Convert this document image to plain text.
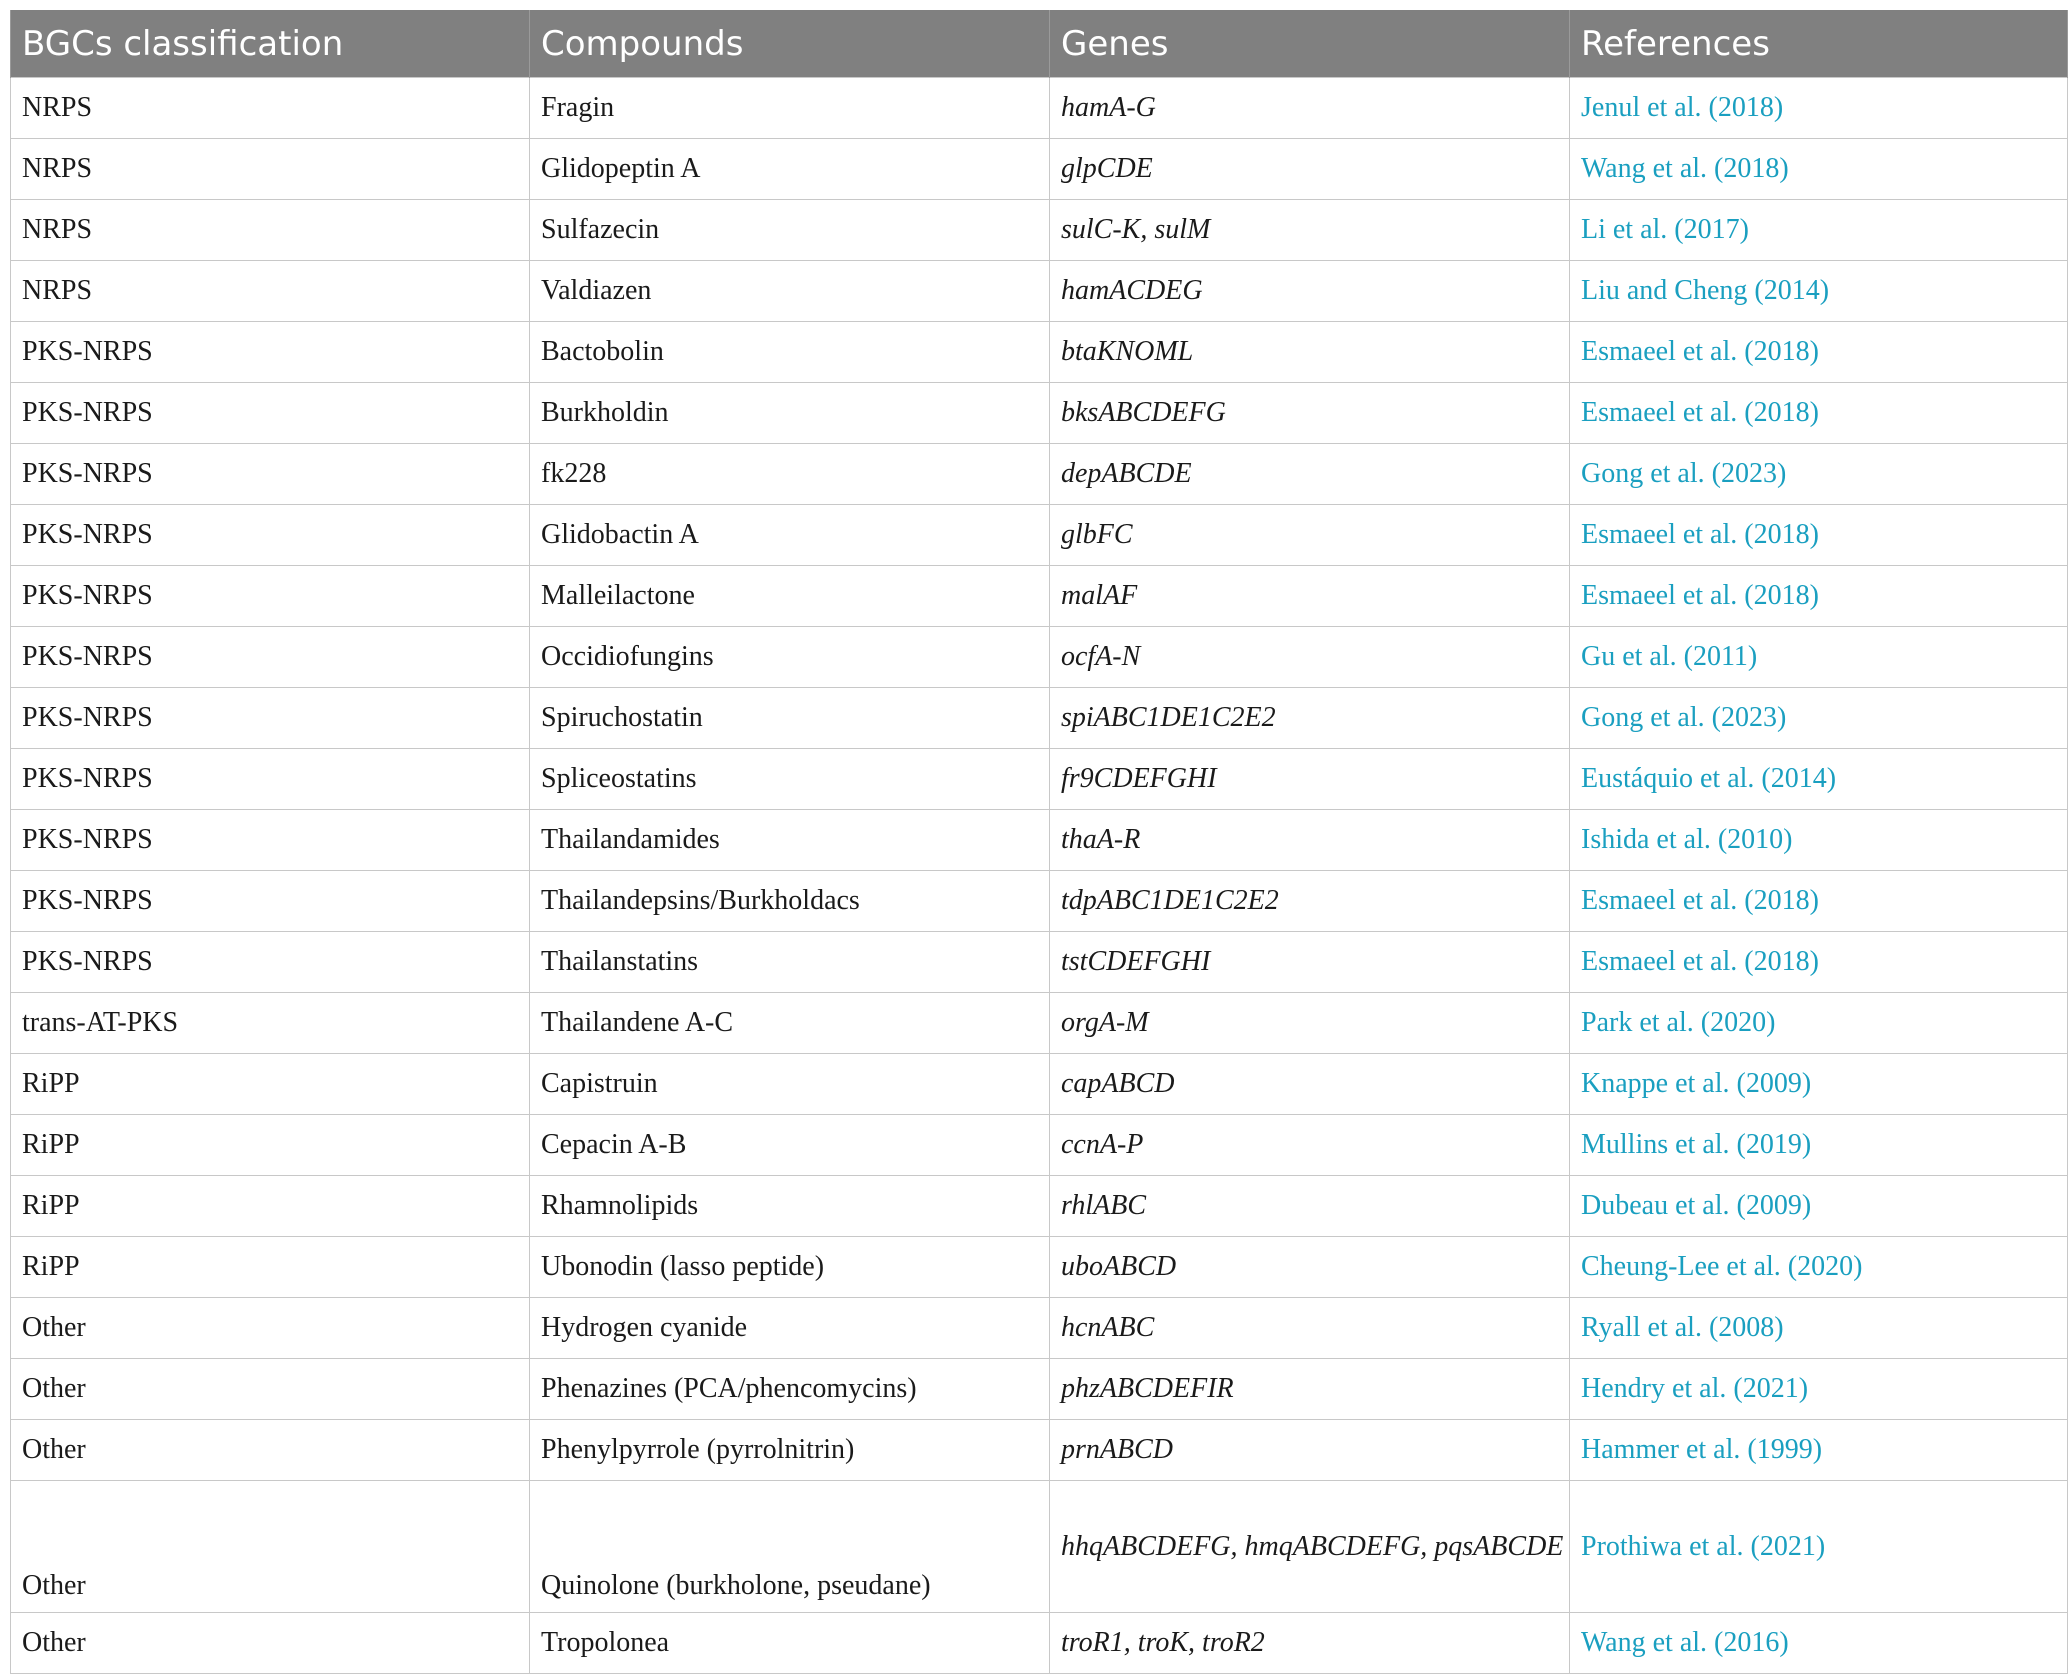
BGCs classification	Compounds	Genes	References
NRPS	Fragin	hamA-G	Jenul et al. (2018)
NRPS	Glidopeptin A	glpCDE	Wang et al. (2018)
NRPS	Sulfazecin	sulC-K, sulM	Li et al. (2017)
NRPS	Valdiazen	hamACDEG	Liu and Cheng (2014)
PKS-NRPS	Bactobolin	btaKNOML	Esmaeel et al. (2018)
PKS-NRPS	Burkholdin	bksABCDEFG	Esmaeel et al. (2018)
PKS-NRPS	fk228	depABCDE	Gong et al. (2023)
PKS-NRPS	Glidobactin A	glbFC	Esmaeel et al. (2018)
PKS-NRPS	Malleilactone	malAF	Esmaeel et al. (2018)
PKS-NRPS	Occidiofungins	ocfA-N	Gu et al. (2011)
PKS-NRPS	Spiruchostatin	spiABC1DE1C2E2	Gong et al. (2023)
PKS-NRPS	Spliceostatins	fr9CDEFGHI	Eustáquio et al. (2014)
PKS-NRPS	Thailandamides	thaA-R	Ishida et al. (2010)
PKS-NRPS	Thailandepsins/Burkholdacs	tdpABC1DE1C2E2	Esmaeel et al. (2018)
PKS-NRPS	Thailanstatins	tstCDEFGHI	Esmaeel et al. (2018)
trans-AT-PKS	Thailandene A-C	orgA-M	Park et al. (2020)
RiPP	Capistruin	capABCD	Knappe et al. (2009)
RiPP	Cepacin A-B	ccnA-P	Mullins et al. (2019)
RiPP	Rhamnolipids	rhlABC	Dubeau et al. (2009)
RiPP	Ubonodin (lasso peptide)	uboABCD	Cheung-Lee et al. (2020)
Other	Hydrogen cyanide	hcnABC	Ryall et al. (2008)
Other	Phenazines (PCA/phencomycins)	phzABCDEFIR	Hendry et al. (2021)
Other	Phenylpyrrole (pyrrolnitrin)	prnABCD	Hammer et al. (1999)
Other	Quinolone (burkholone, pseudane)	hhqABCDEFG, hmqABCDEFG, pqsABCDE	Prothiwa et al. (2021)
Other	Tropolonea	troR1, troK, troR2	Wang et al. (2016)
